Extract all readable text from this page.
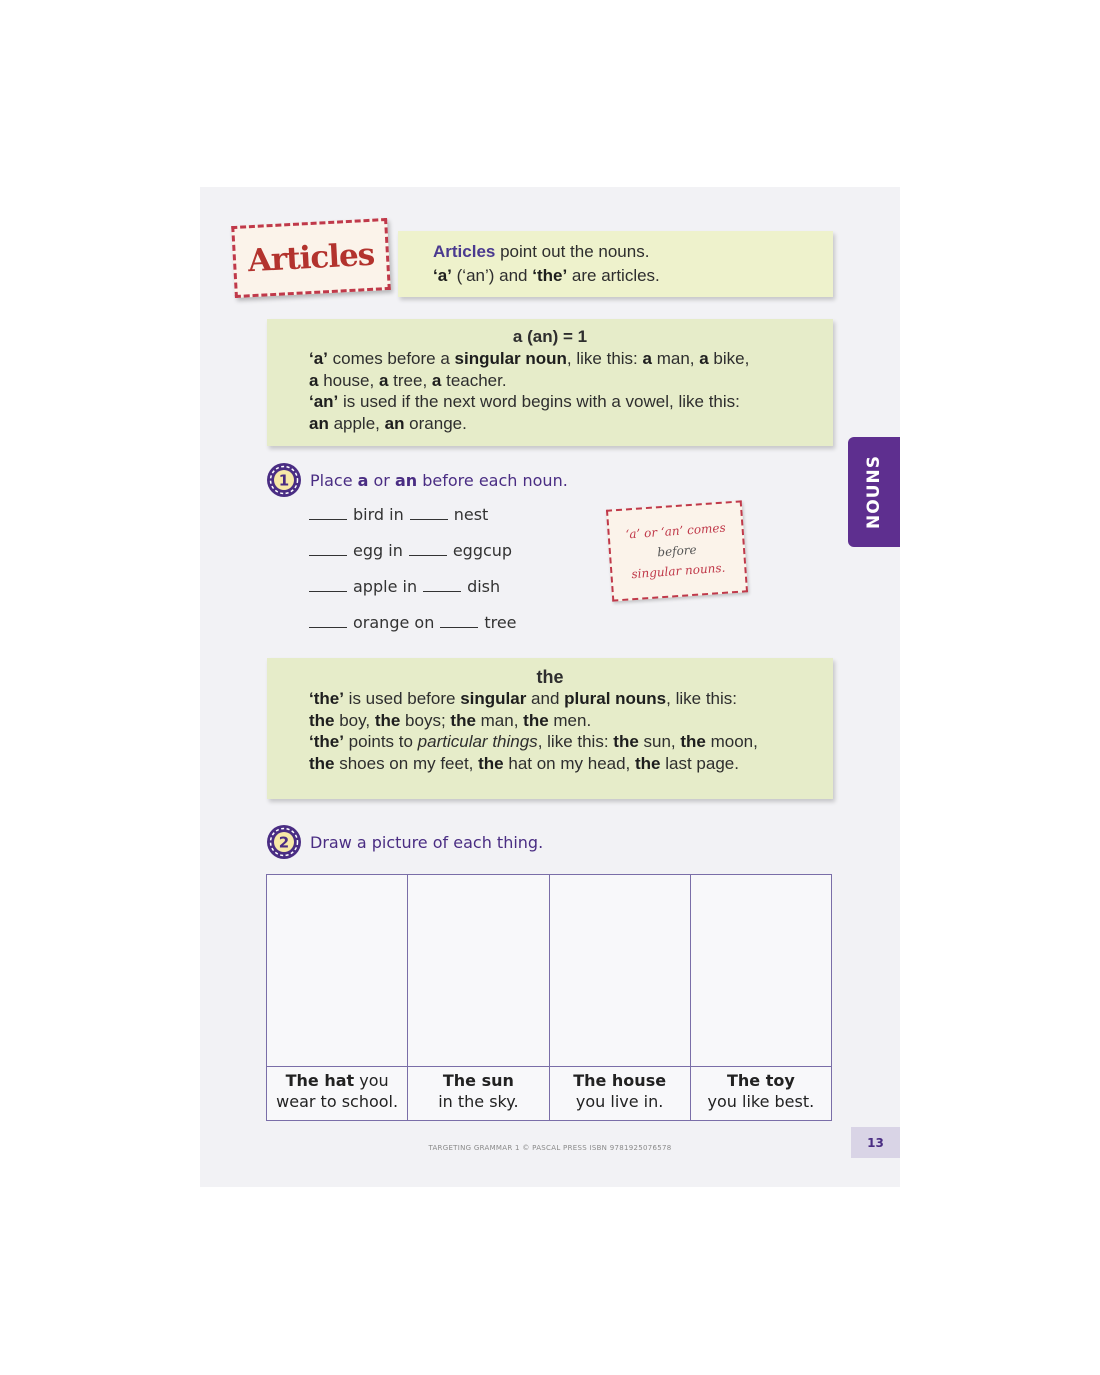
Articles	Articles point out the nouns.

‘a’ (‘an’) and ‘the’ are articles.

a (an) = 1

‘a’ comes before a singular noun, like this: a man, a bike,

a house, a tree, a teacher.

‘an’ is used if the next word begins with a vowel, like this:

an apple, an orange.

1 Place a or an before each noun.
bird in	nest
egg in	eggcup
apple in	dish
orange on	tree
‘a’ or ‘an’ comes
before
singular nouns.
NOUNS
the

‘the’ is used before singular and plural nouns, like this:

the boy, the boys; the man, the men.

‘the’ points to particular things, like this: the sun, the moon,

the shoes on my feet, the hat on my head, the last page.

2 Draw a picture of each thing.
The hat you
wear to school.
The sun
in the sky.
The house
you live in.
The toy
you like best.
13
TARGETING GRAMMAR 1 © PASCAL PRESS ISBN 9781925076578
